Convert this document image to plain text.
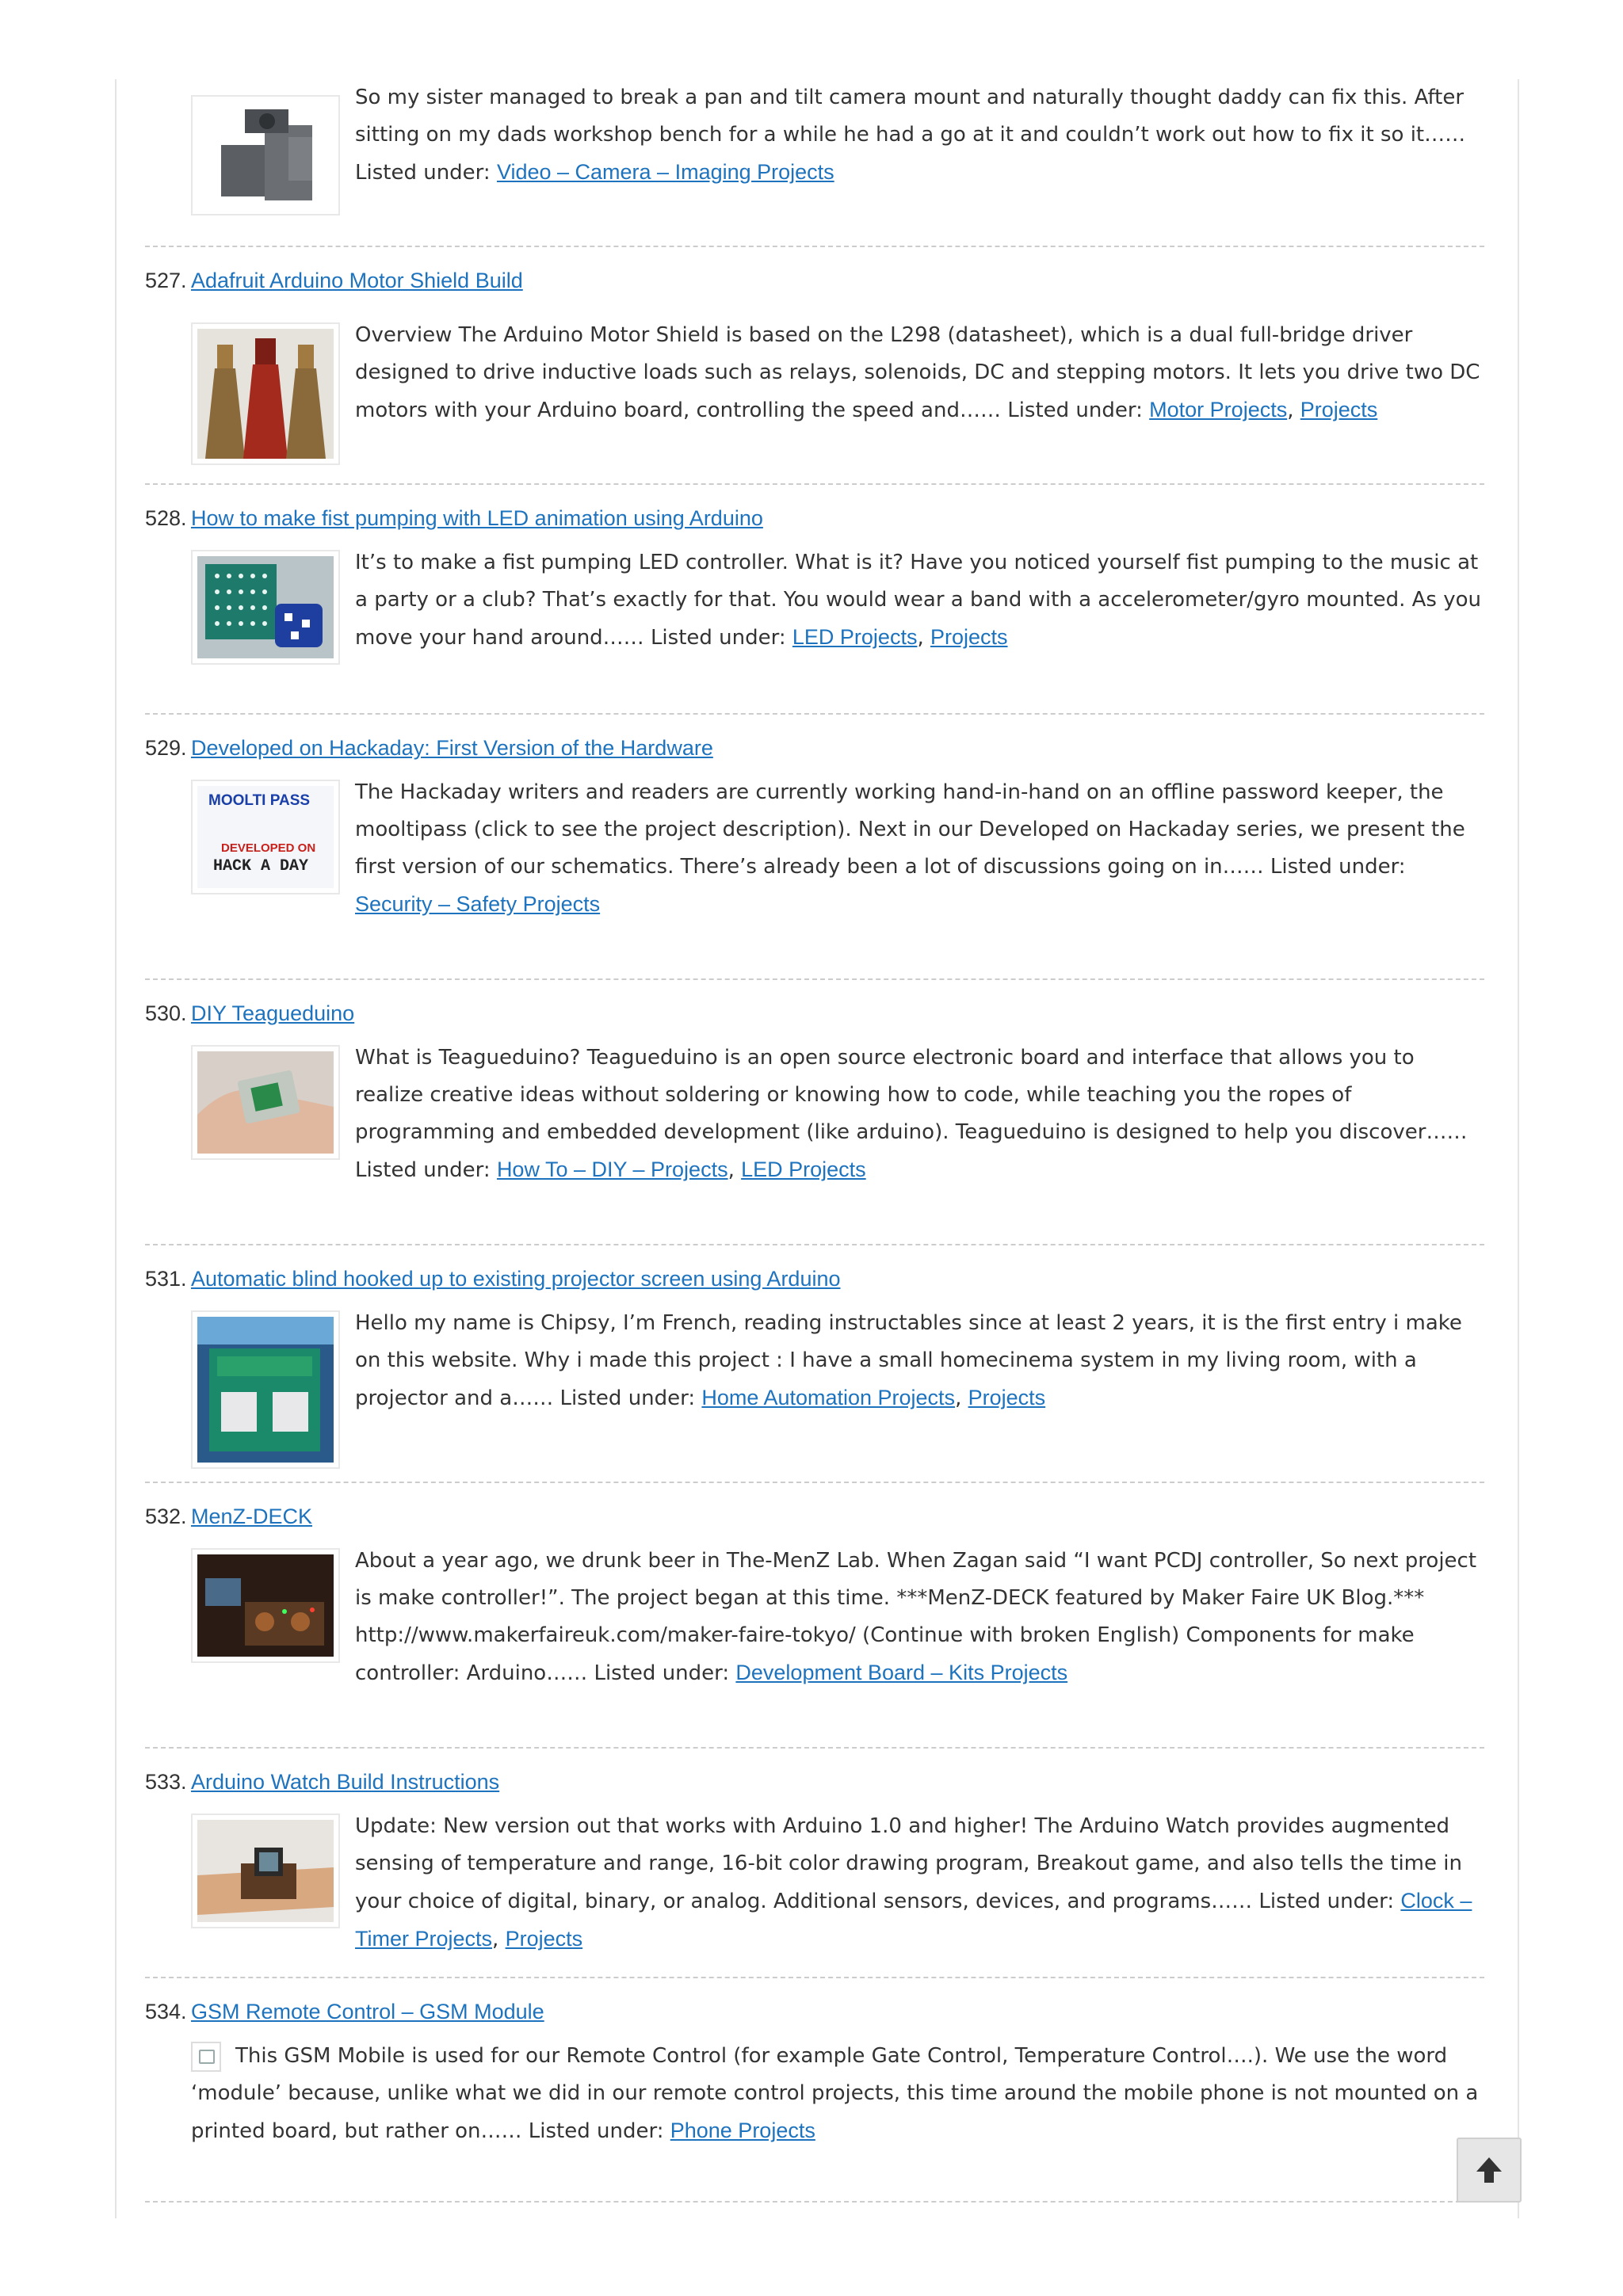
So my sister managed to break a pan and tilt camera mount and naturally thought daddy can fix this. After sitting on my dads workshop bench for a while he had a go at it and couldn’t work out how to fix it so it…… Listed under: Video – Camera – Imaging Projects
527. Adafruit Arduino Motor Shield Build
Overview The Arduino Motor Shield is based on the L298 (datasheet), which is a dual full-bridge driver designed to drive inductive loads such as relays, solenoids, DC and stepping motors. It lets you drive two DC motors with your Arduino board, controlling the speed and…… Listed under: Motor Projects, Projects
528. How to make fist pumping with LED animation using Arduino
It’s to make a fist pumping LED controller. What is it? Have you noticed yourself fist pumping to the music at a party or a club? That’s exactly for that. You would wear a band with a accelerometer/gyro mounted. As you move your hand around…… Listed under: LED Projects, Projects
529. Developed on Hackaday: First Version of the Hardware
MOOLTI PASS
DEVELOPED ON
HACK A DAY
The Hackaday writers and readers are currently working hand-in-hand on an offline password keeper, the mooltipass (click to see the project description). Next in our Developed on Hackaday series, we present the first version of our schematics. There’s already been a lot of discussions going on in…… Listed under: Security – Safety Projects
530. DIY Teagueduino
What is Teagueduino? Teagueduino is an open source electronic board and interface that allows you to realize creative ideas without soldering or knowing how to code, while teaching you the ropes of programming and embedded development (like arduino). Teagueduino is designed to help you discover…… Listed under: How To – DIY – Projects, LED Projects
531. Automatic blind hooked up to existing projector screen using Arduino
Hello my name is Chipsy, I’m French, reading instructables since at least 2 years, it is the first entry i make on this website. Why i made this project : I have a small homecinema system in my living room, with a projector and a…… Listed under: Home Automation Projects, Projects
532. MenZ-DECK
About a year ago, we drunk beer in The-MenZ Lab. When Zagan said “I want PCDJ controller, So next project is make controller!”. The project began at this time. ***MenZ-DECK featured by Maker Faire UK Blog.*** http://www.makerfaireuk.com/maker-faire-tokyo/ (Continue with broken English) Components for make controller: Arduino…… Listed under: Development Board – Kits Projects
533. Arduino Watch Build Instructions
Update: New version out that works with Arduino 1.0 and higher! The Arduino Watch provides augmented sensing of temperature and range, 16-bit color drawing program, Breakout game, and also tells the time in your choice of digital, binary, or analog. Additional sensors, devices, and programs…… Listed under: Clock – Timer Projects, Projects
534. GSM Remote Control – GSM Module
This GSM Mobile is used for our Remote Control (for example Gate Control, Temperature Control….). We use the word ‘module’ because, unlike what we did in our remote control projects, this time around the mobile phone is not mounted on a printed board, but rather on…… Listed under: Phone Projects
